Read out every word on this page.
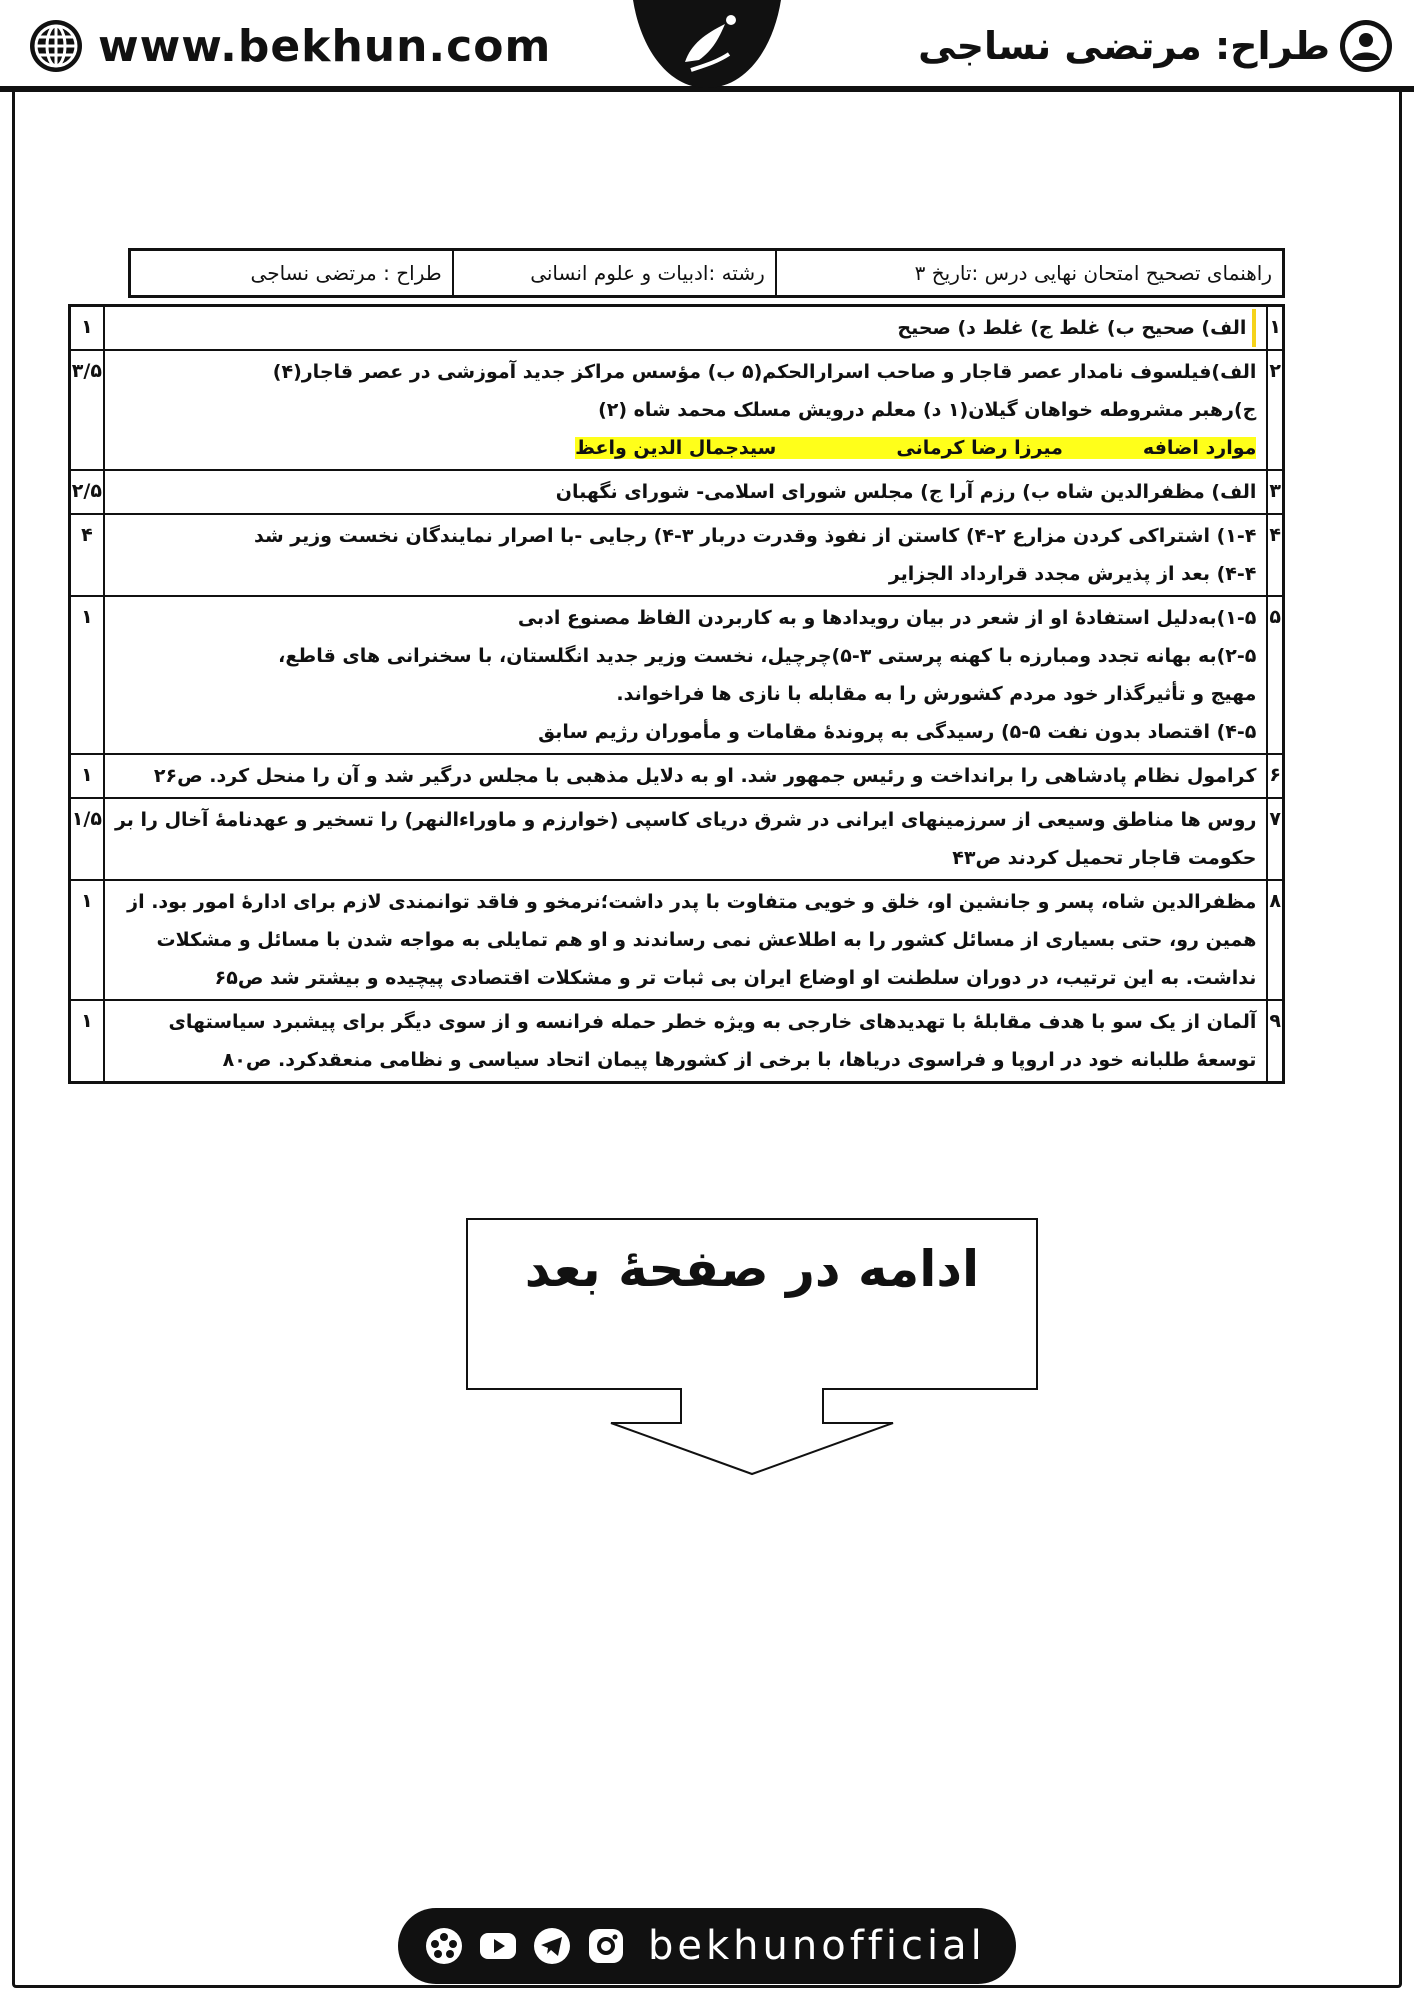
www.bekhun.com	طراح: مرتضی نساجی
راهنمای تصحیح امتحان نهایی درس :تاریخ ۳	رشته :ادبیات و علوم انسانی	طراح : مرتضی نساجی
۱	الف) صحیح ب) غلط ج) غلط د) صحیح	۱
۲	الف)فیلسوف نامدار عصر قاجار و صاحب اسرارالحکم(۵ ب) مؤسس مراکز جدید آموزشی در عصر قاجار(۴)
ج)رهبر مشروطه خواهان گیلان(۱ د) معلم درویش مسلک محمد شاه (۲)
موارد اضافهمیرزا رضا کرمانیسیدجمال الدین واعظ	۳/۵
۳	الف) مظفرالدین شاه ب) رزم آرا ج) مجلس شورای اسلامی- شورای نگهبان	۲/۵
۴	۱-۴) اشتراکی کردن مزارع ۲-۴) کاستن از نفوذ وقدرت دربار ۳-۴) رجایی -با اصرار نمایندگان نخست وزیر شد
۴-۴) بعد از پذیرش مجدد قرارداد الجزایر	۴
۵	۱-۵)بەدلیل استفادهٔ او از شعر در بیان رویدادها و به کاربردن الفاظ مصنوع ادبی
۲-۵)به بهانه تجدد ومبارزه با کهنه پرستی ۳-۵)چرچیل، نخست وزیر جدید انگلستان، با سخنرانی های قاطع،
مهیج و تأثیرگذار خود مردم کشورش را به مقابله با نازی ها فراخواند.
۴-۵) اقتصاد بدون نفت ۵-۵) رسیدگی به پروندهٔ مقامات و مأموران رژیم سابق	۱
۶	کرامول نظام پادشاهی را برانداخت و رئیس جمهور شد. او به دلایل مذهبی با مجلس درگیر شد و آن را منحل کرد. ص۲۶	۱
۷	روس ها مناطق وسیعی از سرزمینهای ایرانی در شرق دریای کاسپی (خوارزم و ماوراءالنهر) را تسخیر و عهدنامهٔ آخال را بر
حکومت قاجار تحمیل کردند ص۴۳	۱/۵
۸	مظفرالدین شاه، پسر و جانشین او، خلق و خویی متفاوت با پدر داشت؛نرمخو و فاقد توانمندی لازم برای ادارهٔ امور بود. از
همین رو، حتی بسیاری از مسائل کشور را به اطلاعش نمی رساندند و او هم تمایلی به مواجه شدن با مسائل و مشکلات
نداشت. به این ترتیب، در دوران سلطنت او اوضاع ایران بی ثبات تر و مشکلات اقتصادی پیچیده و بیشتر شد ص۶۵	۱
۹	آلمان از یک سو با هدف مقابلهٔ با تهدیدهای خارجی به ویژه خطر حمله فرانسه و از سوی دیگر برای پیشبرد سیاستهای
توسعهٔ طلبانه خود در اروپا و فراسوی دریاها، با برخی از کشورها پیمان اتحاد سیاسی و نظامی منعقدکرد. ص۸۰	۱
ادامه در صفحهٔ بعد
bekhunofficial
